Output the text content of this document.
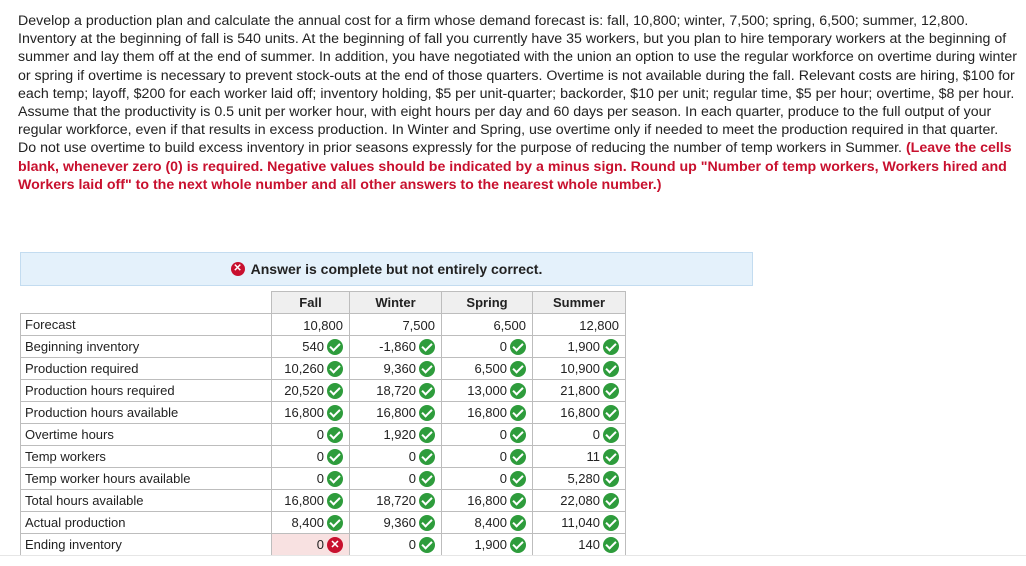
Develop a production plan and calculate the annual cost for a firm whose demand forecast is: fall, 10,800; winter, 7,500; spring, 6,500; summer, 12,800. Inventory at the beginning of fall is 540 units. At the beginning of fall you currently have 35 workers, but you plan to hire temporary workers at the beginning of summer and lay them off at the end of summer. In addition, you have negotiated with the union an option to use the regular workforce on overtime during winter or spring if overtime is necessary to prevent stock-outs at the end of those quarters. Overtime is not available during the fall. Relevant costs are hiring, $100 for each temp; layoff, $200 for each worker laid off; inventory holding, $5 per unit-quarter; backorder, $10 per unit; regular time, $5 per hour; overtime, $8 per hour. Assume that the productivity is 0.5 unit per worker hour, with eight hours per day and 60 days per season. In each quarter, produce to the full output of your regular workforce, even if that results in excess production. In Winter and Spring, use overtime only if needed to meet the production required in that quarter. Do not use overtime to build excess inventory in prior seasons expressly for the purpose of reducing the number of temp workers in Summer. (Leave the cells blank, whenever zero (0) is required. Negative values should be indicated by a minus sign. Round up "Number of temp workers, Workers hired and Workers laid off" to the next whole number and all other answers to the nearest whole number.)
✕ Answer is complete but not entirely correct.
	Fall	Winter	Spring	Summer
Forecast	10,800	7,500	6,500	12,800
Beginning inventory	540	-1,860	0	1,900
Production required	10,260	9,360	6,500	10,900
Production hours required	20,520	18,720	13,000	21,800
Production hours available	16,800	16,800	16,800	16,800
Overtime hours	0	1,920	0	0
Temp workers	0	0	0	11
Temp worker hours available	0	0	0	5,280
Total hours available	16,800	18,720	16,800	22,080
Actual production	8,400	9,360	8,400	11,040
Ending inventory	0 ✕	0	1,900	140
